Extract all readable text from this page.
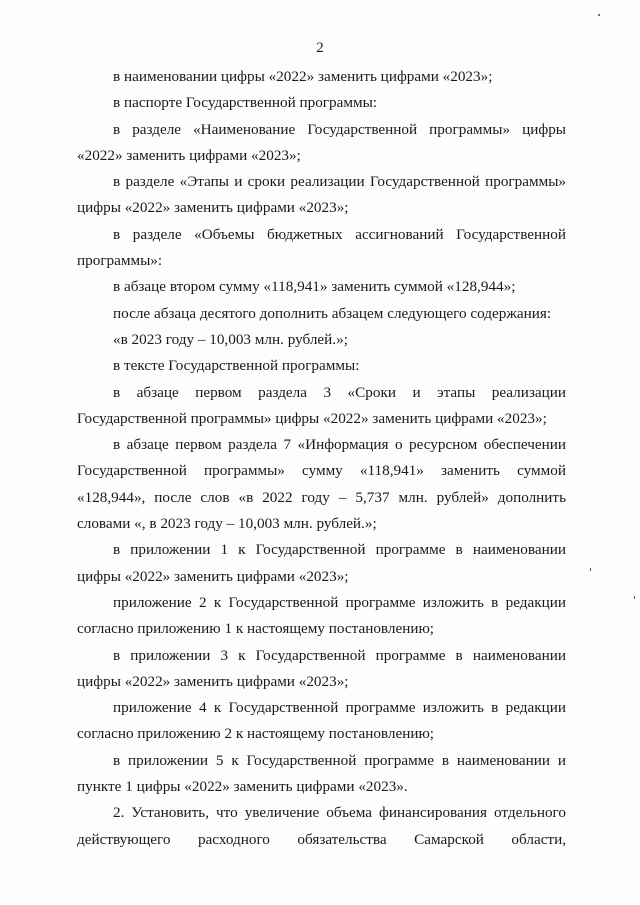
2

в наименовании цифры «2022» заменить цифрами «2023»;

в паспорте Государственной программы:

в разделе «Наименование Государственной программы» цифры «2022» заменить цифрами «2023»;

в разделе «Этапы и сроки реализации Государственной программы» цифры «2022» заменить цифрами «2023»;

в разделе «Объемы бюджетных ассигнований Государственной программы»:

в абзаце втором сумму «118,941» заменить суммой «128,944»;

после абзаца десятого дополнить абзацем следующего содержания:

«в 2023 году – 10,003 млн. рублей.»;

в тексте Государственной программы:

в абзаце первом раздела 3 «Сроки и этапы реализации Государственной программы» цифры «2022» заменить цифрами «2023»;

в абзаце первом раздела 7 «Информация о ресурсном обеспечении Государственной программы» сумму «118,941» заменить суммой «128,944», после слов «в 2022 году – 5,737 млн. рублей» дополнить словами «, в 2023 году – 10,003 млн. рублей.»;

в приложении 1 к Государственной программе в наименовании цифры «2022» заменить цифрами «2023»;

приложение 2 к Государственной программе изложить в редакции согласно приложению 1 к настоящему постановлению;

в приложении 3 к Государственной программе в наименовании цифры «2022» заменить цифрами «2023»;

приложение 4 к Государственной программе изложить в редакции согласно приложению 2 к настоящему постановлению;

в приложении 5 к Государственной программе в наименовании и пункте 1 цифры «2022» заменить цифрами «2023».

2. Установить, что увеличение объема финансирования отдельного действующего расходного обязательства Самарской области,
